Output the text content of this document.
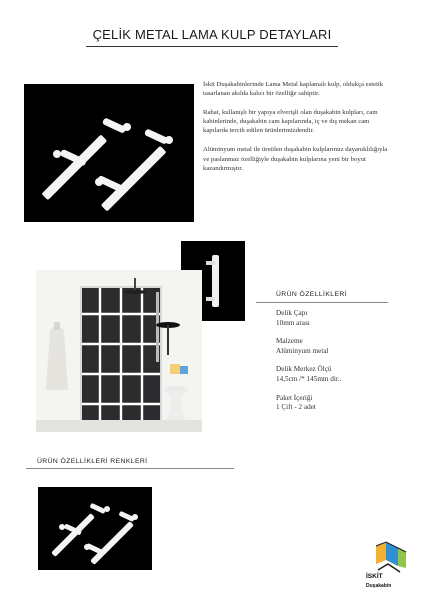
ÇELİK METAL LAMA KULP DETAYLARI

İskit Duşakabinlerinde Lama Metal kaplamalı kulp, oldukça estetik tasarlanan akılda kalıcı bir özelliğe sahiptir.

Rahat, kullanışlı bir yapıya elverişli olan duşakabin kulpları, cam kabinlerinde, duşakabin cam kapılarında, iç ve dış mekan cam kapılarda tercih edilen ürünlerimizdendir.

Alüminyum metal ile üretilen duşakabin kulplarımız dayanıklılığıyla ve paslanmaz özelliğiyle duşakabin kulplarına yeni bir boyut kazandırmıştır.

ÜRÜN ÖZELLİKLERİ
Delik Çapı
10mm arası
Malzeme
Alüminyum metal
Delik Merkez Ölçü
14,5cm /* 145mm dir..
Paket İçeriği
1 Çift - 2 adet
ÜRÜN ÖZELLİKLERİ RENKLERİ
İSKİT
Duşakabin
